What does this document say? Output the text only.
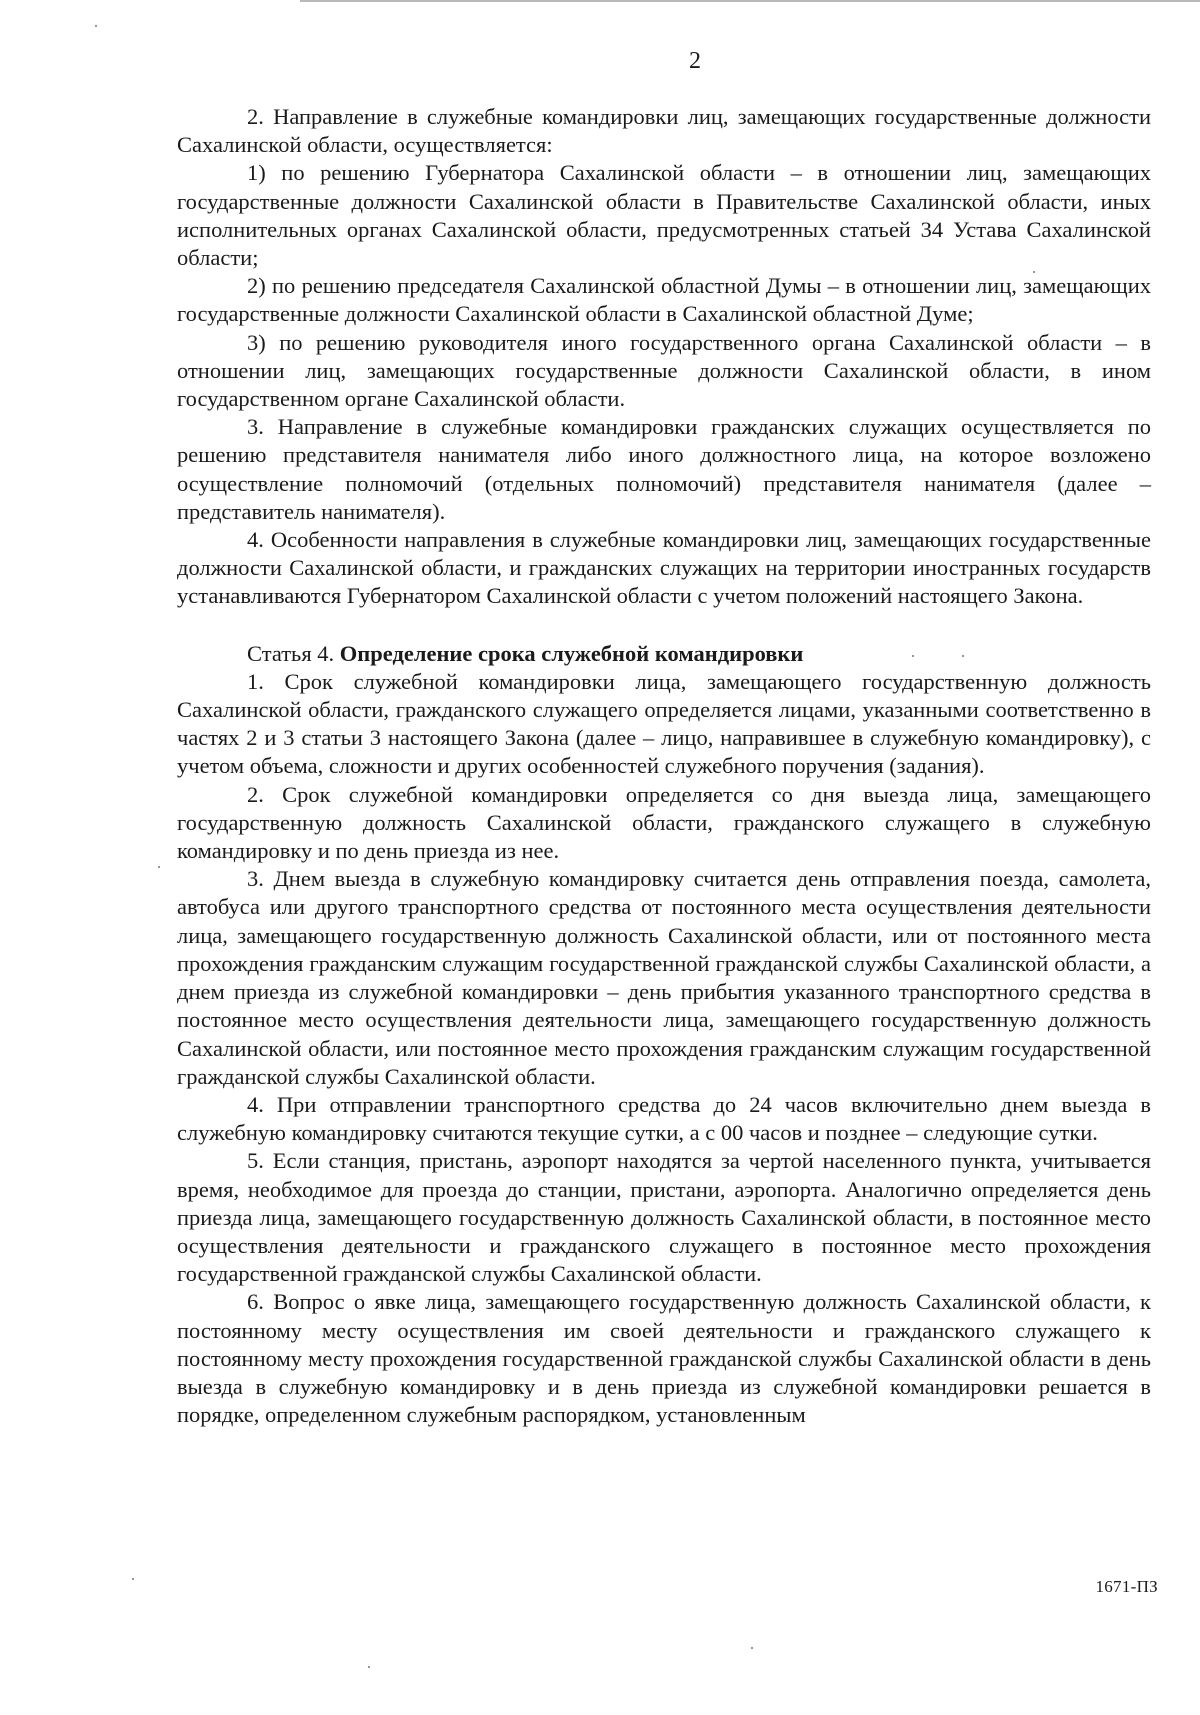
2

2. Направление в служебные командировки лиц, замещающих государственные должности Сахалинской области, осуществляется:

1) по решению Губернатора Сахалинской области – в отношении лиц, замещающих государственные должности Сахалинской области в Правительстве Сахалинской области, иных исполнительных органах Сахалинской области, предусмотренных статьей 34 Устава Сахалинской области;

2) по решению председателя Сахалинской областной Думы – в отношении лиц, замещающих государственные должности Сахалинской области в Сахалинской областной Думе;

3) по решению руководителя иного государственного органа Сахалинской области – в отношении лиц, замещающих государственные должности Сахалинской области, в ином государственном органе Сахалинской области.

3. Направление в служебные командировки гражданских служащих осуществляется по решению представителя нанимателя либо иного должностного лица, на которое возложено осуществление полномочий (отдельных полномочий) представителя нанимателя (далее – представитель нанимателя).

4. Особенности направления в служебные командировки лиц, замещающих государственные должности Сахалинской области, и гражданских служащих на территории иностранных государств устанавливаются Губернатором Сахалинской области с учетом положений настоящего Закона.

Статья 4. Определение срока служебной командировки

1. Срок служебной командировки лица, замещающего государственную должность Сахалинской области, гражданского служащего определяется лицами, указанными соответственно в частях 2 и 3 статьи 3 настоящего Закона (далее – лицо, направившее в служебную командировку), с учетом объема, сложности и других особенностей служебного поручения (задания).

2. Срок служебной командировки определяется со дня выезда лица, замещающего государственную должность Сахалинской области, гражданского служащего в служебную командировку и по день приезда из нее.

3. Днем выезда в служебную командировку считается день отправления поезда, самолета, автобуса или другого транспортного средства от постоянного места осуществления деятельности лица, замещающего государственную должность Сахалинской области, или от постоянного места прохождения гражданским служащим государственной гражданской службы Сахалинской области, а днем приезда из служебной командировки – день прибытия указанного транспортного средства в постоянное место осуществления деятельности лица, замещающего государственную должность Сахалинской области, или постоянное место прохождения гражданским служащим государственной гражданской службы Сахалинской области.

4. При отправлении транспортного средства до 24 часов включительно днем выезда в служебную командировку считаются текущие сутки, а с 00 часов и позднее – следующие сутки.

5. Если станция, пристань, аэропорт находятся за чертой населенного пункта, учитывается время, необходимое для проезда до станции, пристани, аэропорта. Аналогично определяется день приезда лица, замещающего государственную должность Сахалинской области, в постоянное место осуществления деятельности и гражданского служащего в постоянное место прохождения государственной гражданской службы Сахалинской области.

6. Вопрос о явке лица, замещающего государственную должность Сахалинской области, к постоянному месту осуществления им своей деятельности и гражданского служащего к постоянному месту прохождения государственной гражданской службы Сахалинской области в день выезда в служебную командировку и в день приезда из служебной командировки решается в порядке, определенном служебным распорядком, установленным

1671-ПЗ
